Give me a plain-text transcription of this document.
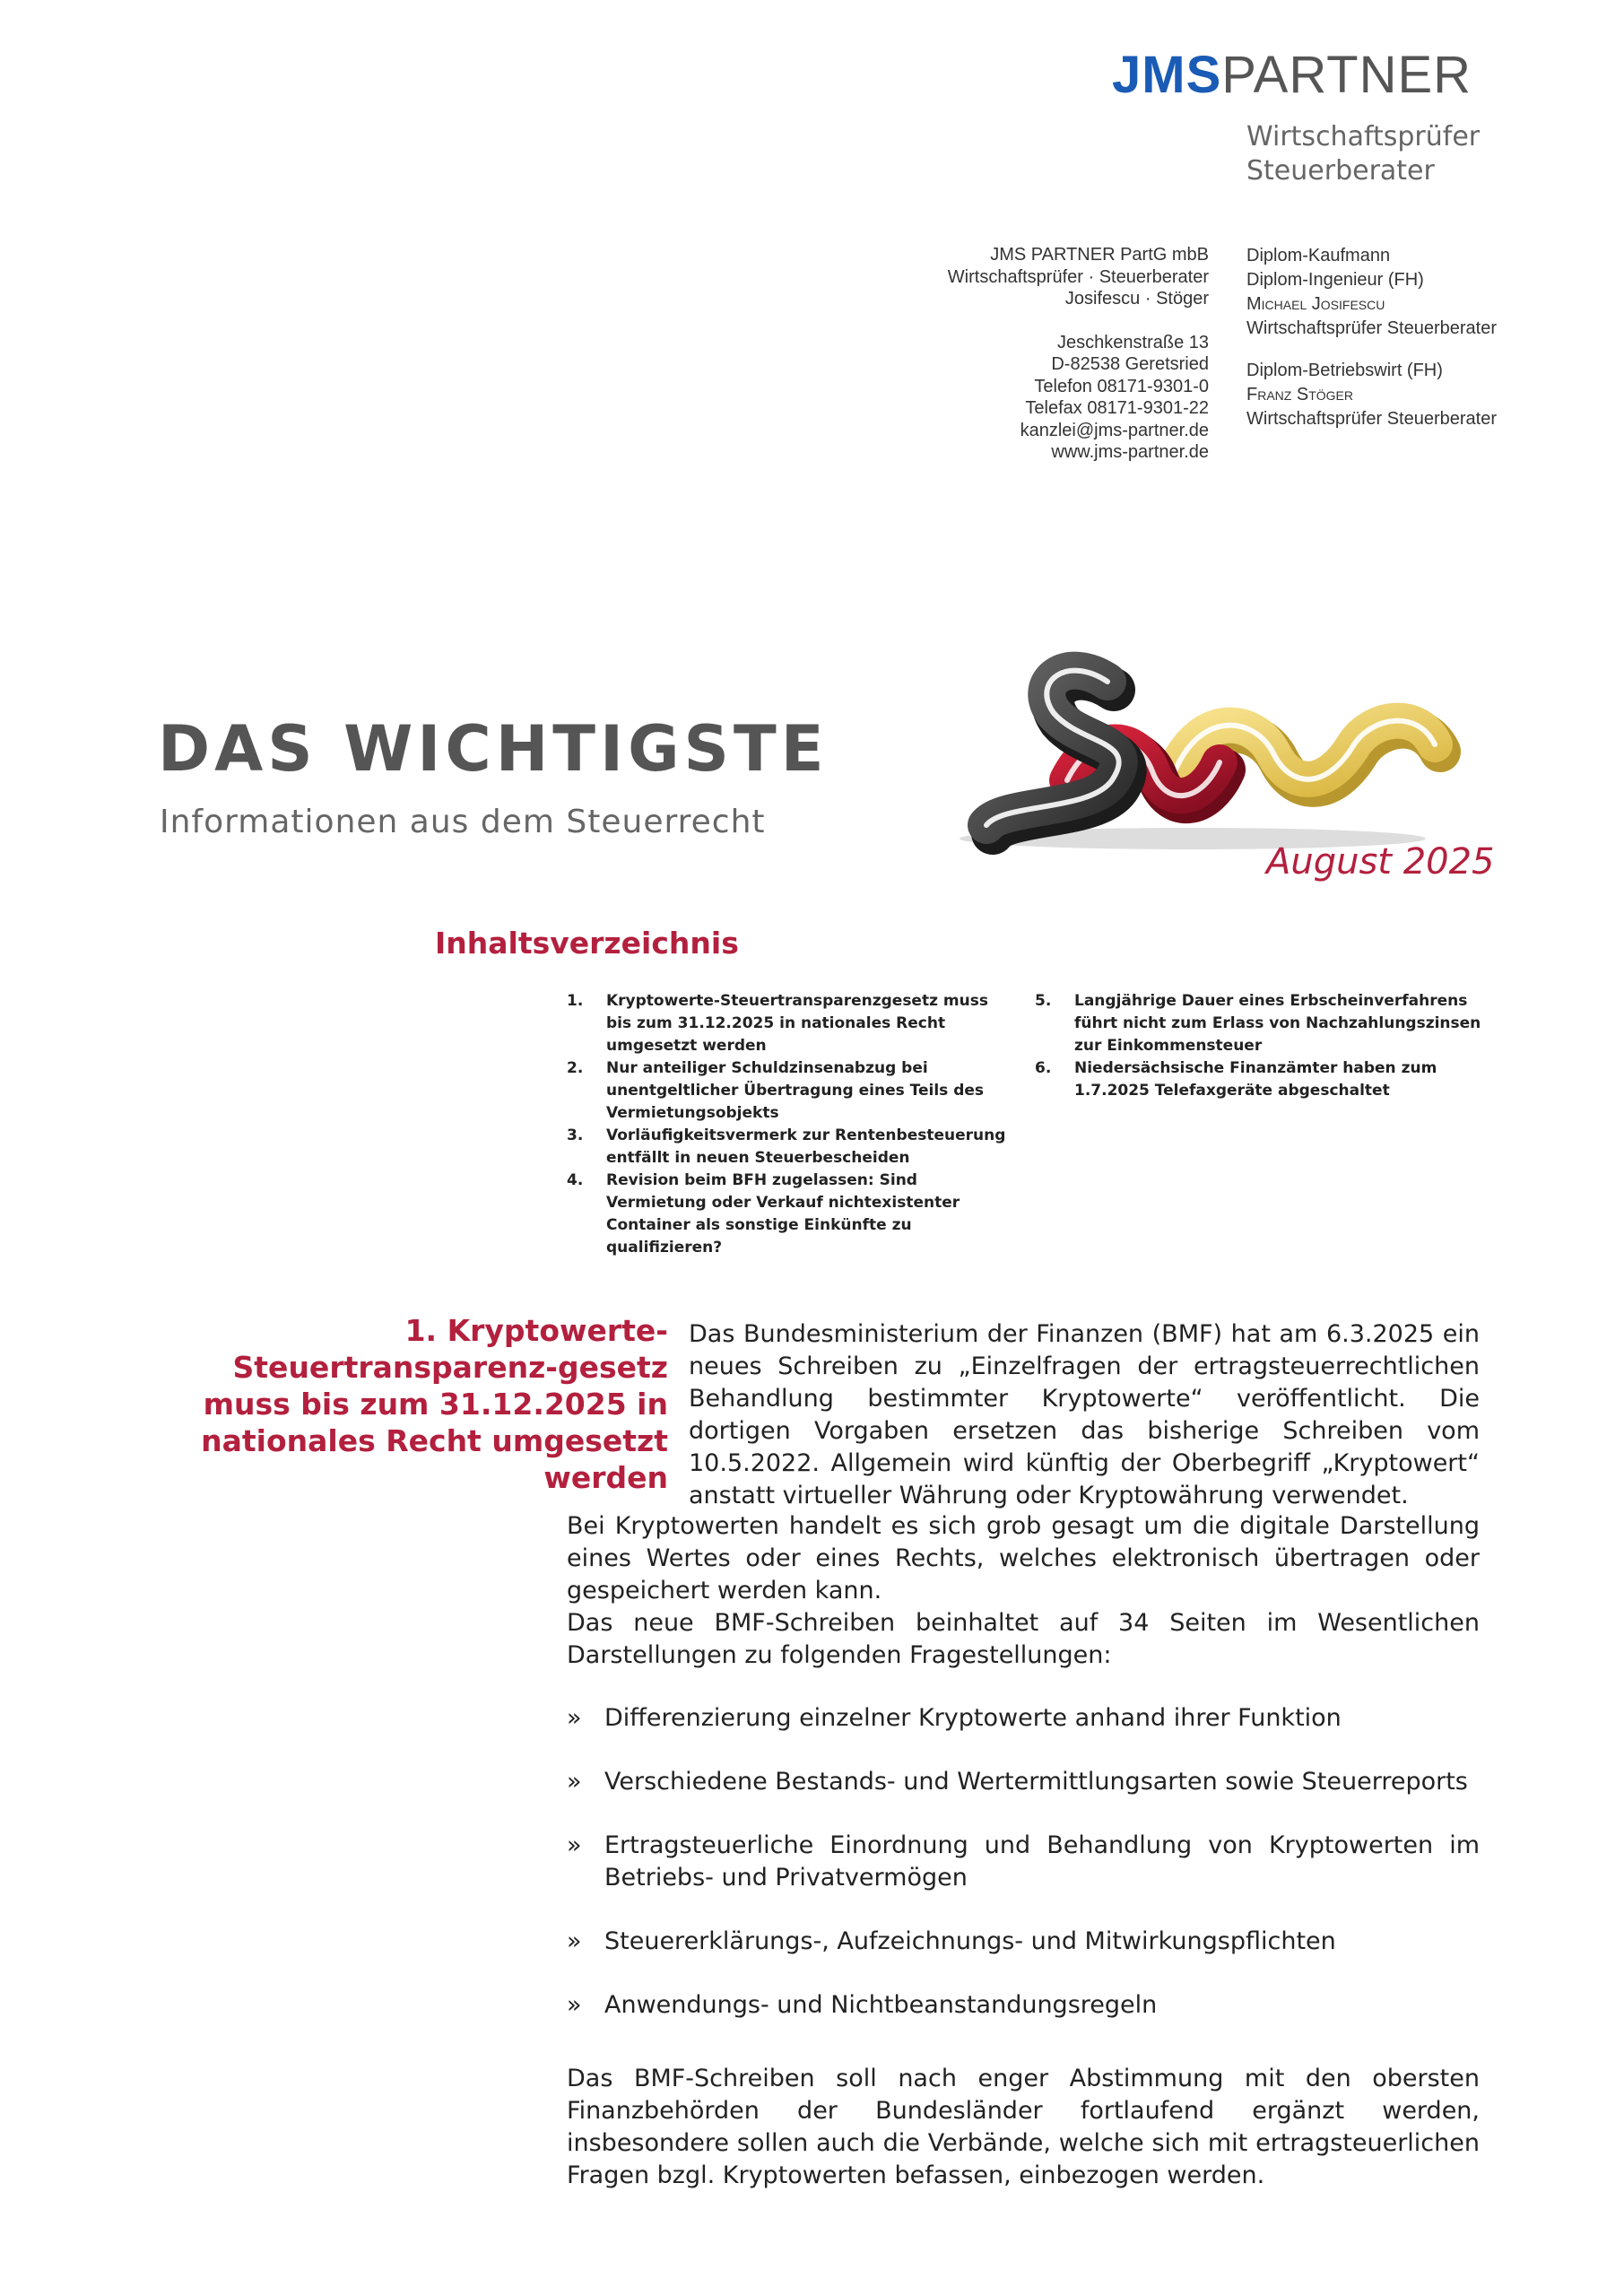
JMSPARTNER
Wirtschaftsprüfer
Steuerberater
JMS PARTNER PartG mbB
Wirtschaftsprüfer · Steuerberater
Josifescu · Stöger
Jeschkenstraße 13
D-82538 Geretsried
Telefon 08171-9301-0
Telefax 08171-9301-22
kanzlei@jms-partner.de
www.jms-partner.de
Diplom-Kaufmann
Diplom-Ingenieur (FH)
Michael Josifescu
Wirtschaftsprüfer Steuerberater
Diplom-Betriebswirt (FH)
Franz Stöger
Wirtschaftsprüfer Steuerberater
DAS WICHTIGSTE
Informationen aus dem Steuerrecht
August 2025
Inhaltsverzeichnis
1.	Kryptowerte-Steuertransparenzgesetz muss bis zum 31.12.2025 in nationales Recht umgesetzt werden
2.	Nur anteiliger Schuldzinsenabzug bei unentgeltlicher Übertragung eines Teils des Vermietungsobjekts
3.	Vorläufigkeitsvermerk zur Rentenbesteuerung entfällt in neuen Steuerbescheiden
4.	Revision beim BFH zugelassen: Sind Vermietung oder Verkauf nichtexistenter Container als sonstige Einkünfte zu qualifizieren?
5.	Langjährige Dauer eines Erbscheinverfahrens führt nicht zum Erlass von Nachzahlungszinsen zur Einkommensteuer
6.	Niedersächsische Finanzämter haben zum 1.7.2025 Telefaxgeräte abgeschaltet
1. Kryptowerte-Steuertransparenz-gesetz muss bis zum 31.12.2025 in nationales Recht umgesetzt werden
Das Bundesministerium der Finanzen (BMF) hat am 6.3.2025 ein neues Schreiben zu „Einzelfragen der ertragsteuerrechtlichen Behandlung bestimmter Kryptowerte“ veröffentlicht. Die dortigen Vorgaben ersetzen das bisherige Schreiben vom 10.5.2022. Allgemein wird künftig der Oberbegriff „Kryptowert“ anstatt virtueller Währung oder Kryptowährung verwendet.
Bei Kryptowerten handelt es sich grob gesagt um die digitale Darstellung eines Wertes oder eines Rechts, welches elektronisch übertragen oder gespeichert werden kann.
Das neue BMF-Schreiben beinhaltet auf 34 Seiten im Wesentlichen Darstellungen zu folgenden Fragestellungen:
» Differenzierung einzelner Kryptowerte anhand ihrer Funktion
» Verschiedene Bestands- und Wertermittlungsarten sowie Steuerreports
» Ertragsteuerliche Einordnung und Behandlung von Kryptowerten im Betriebs- und Privatvermögen
» Steuererklärungs-, Aufzeichnungs- und Mitwirkungspflichten
» Anwendungs- und Nichtbeanstandungsregeln
Das BMF-Schreiben soll nach enger Abstimmung mit den obersten Finanzbehörden der Bundesländer fortlaufend ergänzt werden, insbesondere sollen auch die Verbände, welche sich mit ertragsteuerlichen Fragen bzgl. Kryptowerten befassen, einbezogen werden.
